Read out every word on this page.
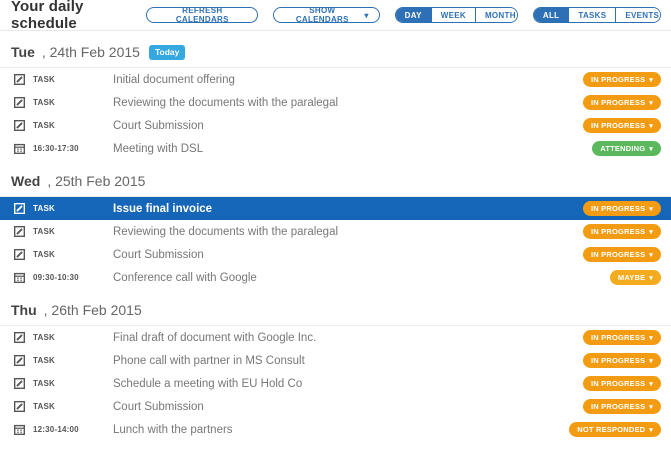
Your daily schedule
REFRESH CALENDARS
SHOW CALENDARS ▾	DAY	WEEK	MONTH	ALL	TASKS	EVENTS
Tue , 24th Feb 2015	Today
TASK	Initial document offering	IN PROGRESS
▾
TASK	Reviewing the documents with the paralegal	IN PROGRESS
▾
TASK	Court Submission	IN PROGRESS
▾
16:30-17:30	Meeting with DSL	ATTENDING
▾
Wed , 25th Feb 2015
TASK	Issue final invoice	IN PROGRESS
▾
TASK	Reviewing the documents with the paralegal	IN PROGRESS
▾
TASK	Court Submission	IN PROGRESS
▾
09:30-10:30	Conference call with Google	MAYBE
▾
Thu , 26th Feb 2015
TASK	Final draft of document with Google Inc.	IN PROGRESS
▾
TASK	Phone call with partner in MS Consult	IN PROGRESS
▾
TASK	Schedule a meeting with EU Hold Co	IN PROGRESS
▾
TASK	Court Submission	IN PROGRESS
▾
12:30-14:00	Lunch with the partners	NOT RESPONDED
▾
